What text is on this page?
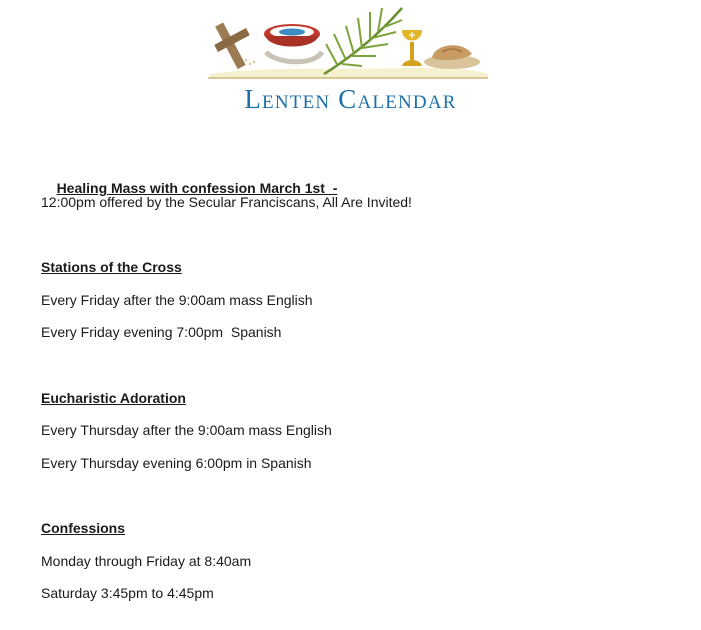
Lenten Calendar

Healing Mass with confession March 1st  -

12:00pm offered by the Secular Franciscans, All Are Invited!
Stations of the Cross
Every Friday after the 9:00am mass English
Every Friday evening 7:00pm  Spanish
Eucharistic Adoration
Every Thursday after the 9:00am mass English
Every Thursday evening 6:00pm in Spanish
Confessions
Monday through Friday at 8:40am
Saturday 3:45pm to 4:45pm
